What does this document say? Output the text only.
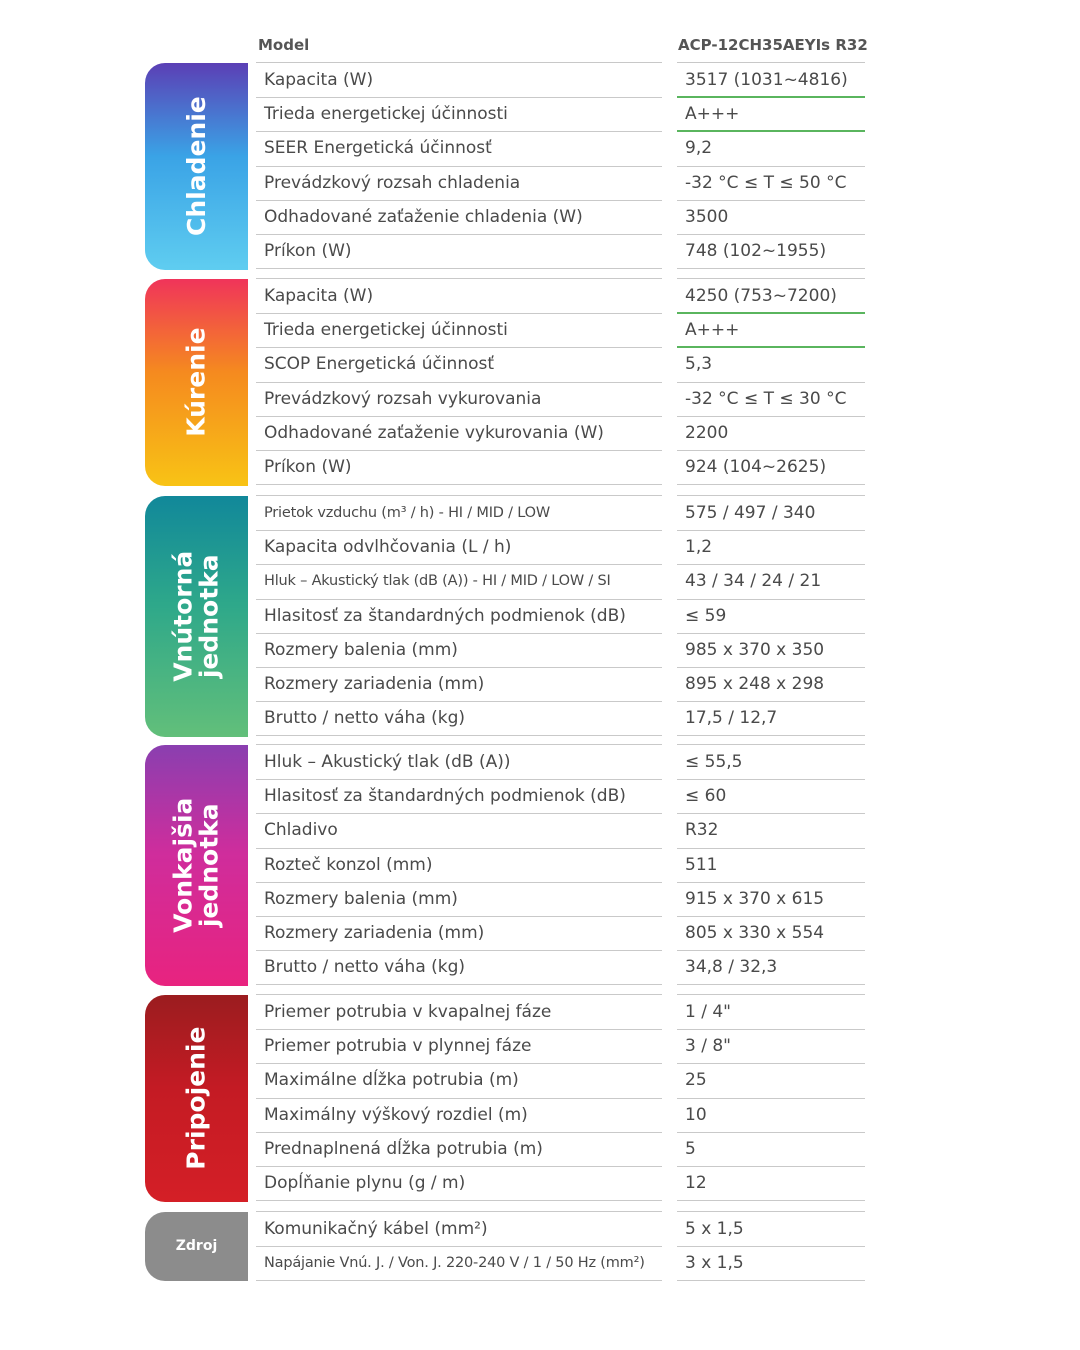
Model	ACP-12CH35AEYIs R32
Chladenie
Kapacita (W)	3517 (1031~4816)
Trieda energetickej účinnosti	A+++
SEER Energetická účinnosť	9,2
Prevádzkový rozsah chladenia	-32 °C ≤ T ≤ 50 °C
Odhadované zaťaženie chladenia (W)	3500
Príkon (W)	748 (102~1955)
Kúrenie
Kapacita (W)	4250 (753~7200)
Trieda energetickej účinnosti	A+++
SCOP Energetická účinnosť	5,3
Prevádzkový rozsah vykurovania	-32 °C ≤ T ≤ 30 °C
Odhadované zaťaženie vykurovania (W)	2200
Príkon (W)	924 (104~2625)
Vnútorná
jednotka
Prietok vzduchu (m³ / h) - HI / MID / LOW	575 / 497 / 340
Kapacita odvlhčovania (L / h)	1,2
Hluk – Akustický tlak (dB (A)) - HI / MID / LOW / SI	43 / 34 / 24 / 21
Hlasitosť za štandardných podmienok (dB)	≤ 59
Rozmery balenia (mm)	985 x 370 x 350
Rozmery zariadenia (mm)	895 x 248 x 298
Brutto / netto váha (kg)	17,5 / 12,7
Vonkajšia
jednotka
Hluk – Akustický tlak (dB (A))	≤ 55,5
Hlasitosť za štandardných podmienok (dB)	≤ 60
Chladivo	R32
Rozteč konzol (mm)	511
Rozmery balenia (mm)	915 x 370 x 615
Rozmery zariadenia (mm)	805 x 330 x 554
Brutto / netto váha (kg)	34,8 / 32,3
Pripojenie
Priemer potrubia v kvapalnej fáze	1 / 4"
Priemer potrubia v plynnej fáze	3 / 8"
Maximálne dĺžka potrubia (m)	25
Maximálny výškový rozdiel (m)	10
Prednaplnená dĺžka potrubia (m)	5
Dopĺňanie plynu (g / m)	12
Zdroj
Komunikačný kábel (mm²)	5 x 1,5
Napájanie Vnú. J. / Von. J. 220-240 V / 1 / 50 Hz (mm²)	3 x 1,5
